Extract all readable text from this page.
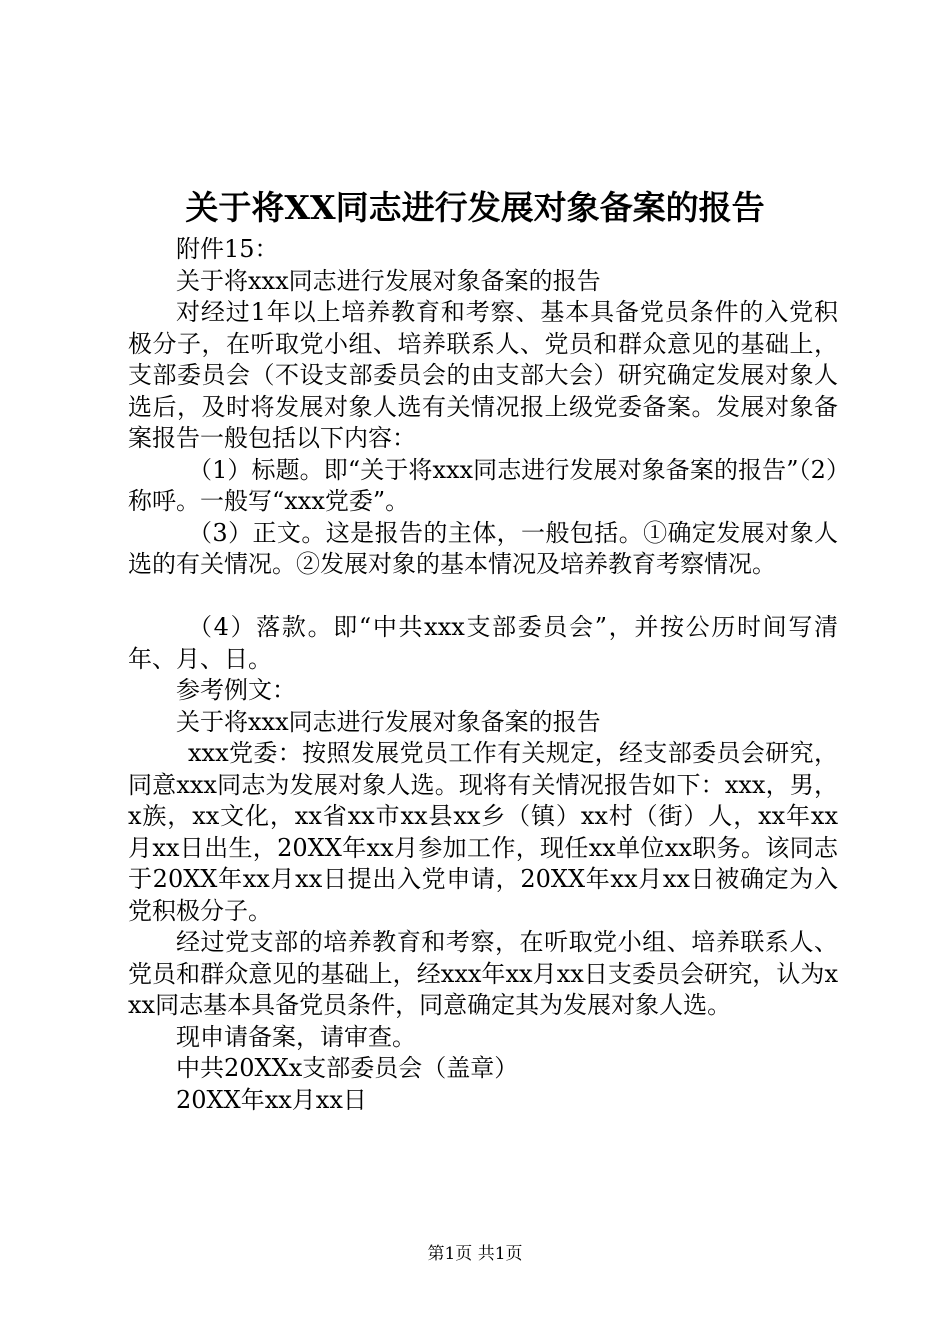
关于将XX同志进行发展对象备案的报告

附件15：

关于将xxx同志进行发展对象备案的报告

对经过1年以上培养教育和考察、基本具备党员条件的入党积极分子，在听取党小组、培养联系人、党员和群众意见的基础上，支部委员会（不设支部委员会的由支部大会）研究确定发展对象人选后，及时将发展对象人选有关情况报上级党委备案。发展对象备案报告一般包括以下内容：

（1）标题。即“关于将xxx同志进行发展对象备案的报告”（2）称呼。一般写“xxx党委”。

（3）正文。这是报告的主体，一般包括。①确定发展对象人选的有关情况。②发展对象的基本情况及培养教育考察情况。

（4）落款。即“中共xxx支部委员会”，并按公历时间写清年、月、日。

参考例文：

关于将xxx同志进行发展对象备案的报告

xxx党委：按照发展党员工作有关规定，经支部委员会研究，同意xxx同志为发展对象人选。现将有关情况报告如下：xxx，男，x族，xx文化，xx省xx市xx县xx乡（镇）xx村（街）人，xx年xx月xx日出生，20XX年xx月参加工作，现任xx单位xx职务。该同志于20XX年xx月xx日提出入党申请，20XX年xx月xx日被确定为入党积极分子。

经过党支部的培养教育和考察，在听取党小组、培养联系人、党员和群众意见的基础上，经xxx年xx月xx日支委员会研究，认为xxx同志基本具备党员条件，同意确定其为发展对象人选。

现申请备案，请审查。

中共20XXx支部委员会（盖章）

20XX年xx月xx日

第1页 共1页
